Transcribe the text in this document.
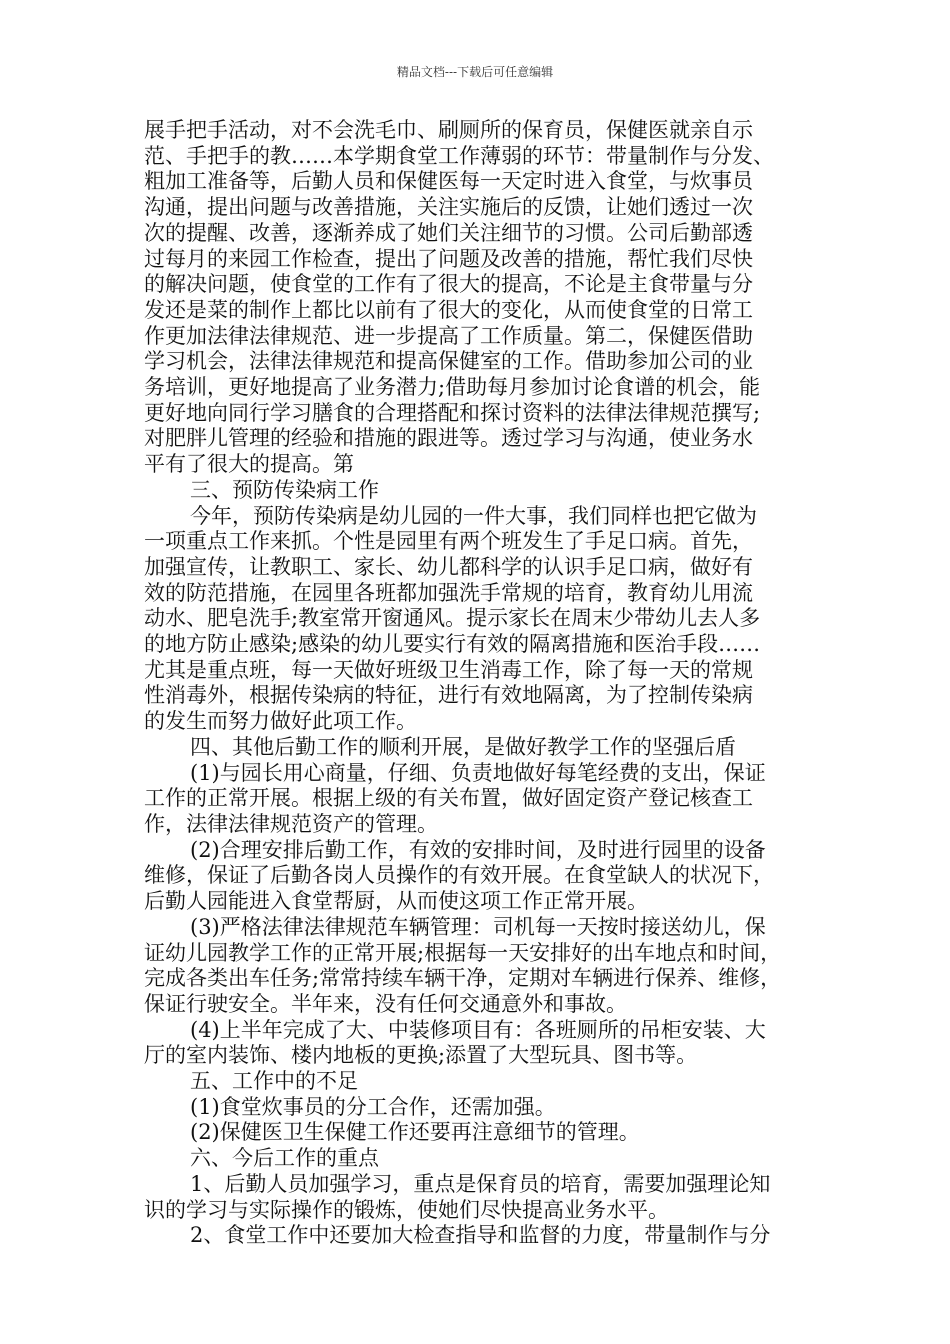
精品文档---下载后可任意编辑
展手把手活动，对不会洗毛巾、刷厕所的保育员，保健医就亲自示
范、手把手的教……本学期食堂工作薄弱的环节：带量制作与分发、
粗加工准备等，后勤人员和保健医每一天定时进入食堂，与炊事员
沟通，提出问题与改善措施，关注实施后的反馈，让她们透过一次
次的提醒、改善，逐渐养成了她们关注细节的习惯。公司后勤部透
过每月的来园工作检查，提出了问题及改善的措施，帮忙我们尽快
的解决问题，使食堂的工作有了很大的提高，不论是主食带量与分
发还是菜的制作上都比以前有了很大的变化，从而使食堂的日常工
作更加法律法律规范、进一步提高了工作质量。第二，保健医借助
学习机会，法律法律规范和提高保健室的工作。借助参加公司的业
务培训，更好地提高了业务潜力;借助每月参加讨论食谱的机会，能
更好地向同行学习膳食的合理搭配和探讨资料的法律法律规范撰写;
对肥胖儿管理的经验和措施的跟进等。透过学习与沟通，使业务水
平有了很大的提高。第
三、预防传染病工作
今年，预防传染病是幼儿园的一件大事，我们同样也把它做为
一项重点工作来抓。个性是园里有两个班发生了手足口病。首先，
加强宣传，让教职工、家长、幼儿都科学的认识手足口病，做好有
效的防范措施，在园里各班都加强洗手常规的培育，教育幼儿用流
动水、肥皂洗手;教室常开窗通风。提示家长在周末少带幼儿去人多
的地方防止感染;感染的幼儿要实行有效的隔离措施和医治手段……
尤其是重点班，每一天做好班级卫生消毒工作，除了每一天的常规
性消毒外，根据传染病的特征，进行有效地隔离，为了控制传染病
的发生而努力做好此项工作。
四、其他后勤工作的顺利开展，是做好教学工作的坚强后盾
(1)与园长用心商量，仔细、负责地做好每笔经费的支出，保证
工作的正常开展。根据上级的有关布置，做好固定资产登记核查工
作，法律法律规范资产的管理。
(2)合理安排后勤工作，有效的安排时间，及时进行园里的设备
维修，保证了后勤各岗人员操作的有效开展。在食堂缺人的状况下，
后勤人园能进入食堂帮厨，从而使这项工作正常开展。
(3)严格法律法律规范车辆管理：司机每一天按时接送幼儿，保
证幼儿园教学工作的正常开展;根据每一天安排好的出车地点和时间，
完成各类出车任务;常常持续车辆干净，定期对车辆进行保养、维修，
保证行驶安全。半年来，没有任何交通意外和事故。
(4)上半年完成了大、中装修项目有：各班厕所的吊柜安装、大
厅的室内装饰、楼内地板的更换;添置了大型玩具、图书等。
五、工作中的不足
(1)食堂炊事员的分工合作，还需加强。
(2)保健医卫生保健工作还要再注意细节的管理。
六、今后工作的重点
1、后勤人员加强学习，重点是保育员的培育，需要加强理论知
识的学习与实际操作的锻炼，使她们尽快提高业务水平。
2、食堂工作中还要加大检查指导和监督的力度，带量制作与分
